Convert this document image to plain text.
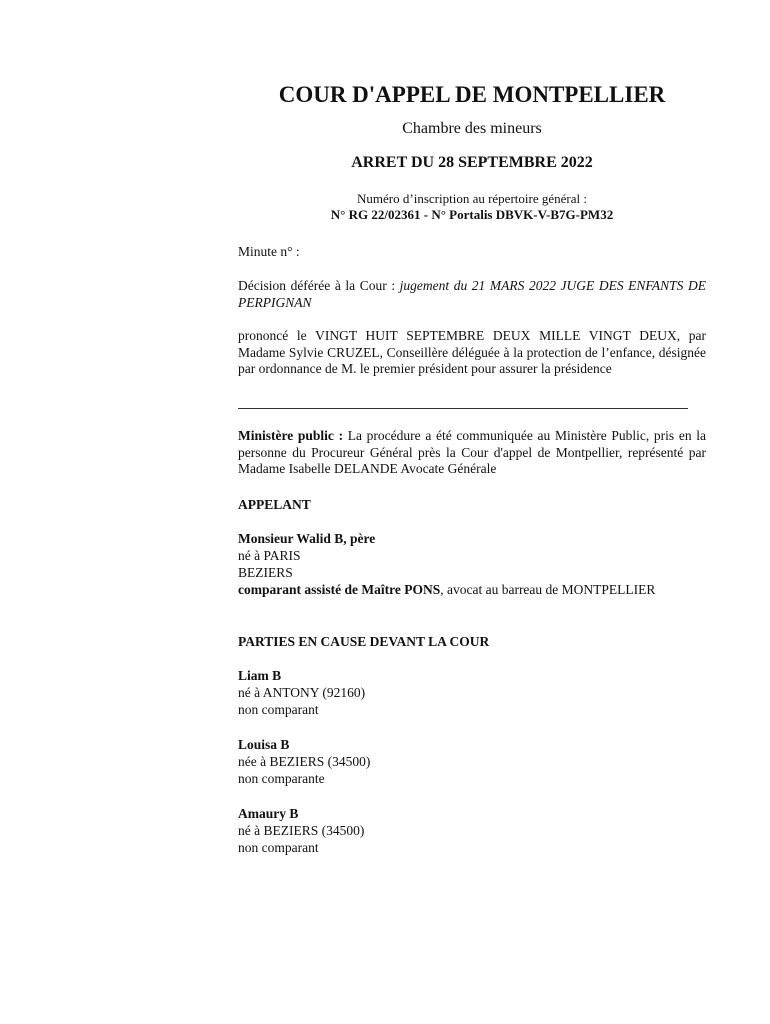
COUR D'APPEL DE MONTPELLIER
Chambre des mineurs
ARRET DU 28 SEPTEMBRE 2022
Numéro d’inscription au répertoire général :
N° RG 22/02361 - N° Portalis DBVK-V-B7G-PM32
Minute n° :
Décision déférée à la Cour : jugement du 21 MARS 2022 JUGE DES ENFANTS DE PERPIGNAN
prononcé le VINGT HUIT SEPTEMBRE DEUX MILLE VINGT DEUX, par Madame Sylvie CRUZEL, Conseillère déléguée à la protection de l’enfance, désignée par ordonnance de M. le premier président pour assurer la présidence
Ministère public : La procédure a été communiquée au Ministère Public, pris en la personne du Procureur Général près la Cour d'appel de Montpellier, représenté par Madame Isabelle DELANDE Avocate Générale
APPELANT
Monsieur Walid B, père
né à PARIS
BEZIERS
comparant assisté de Maître PONS, avocat au barreau de MONTPELLIER
PARTIES EN CAUSE DEVANT LA COUR
Liam B
né à ANTONY (92160)
non comparant
Louisa B
née à BEZIERS (34500)
non comparante
Amaury B
né à BEZIERS (34500)
non comparant
